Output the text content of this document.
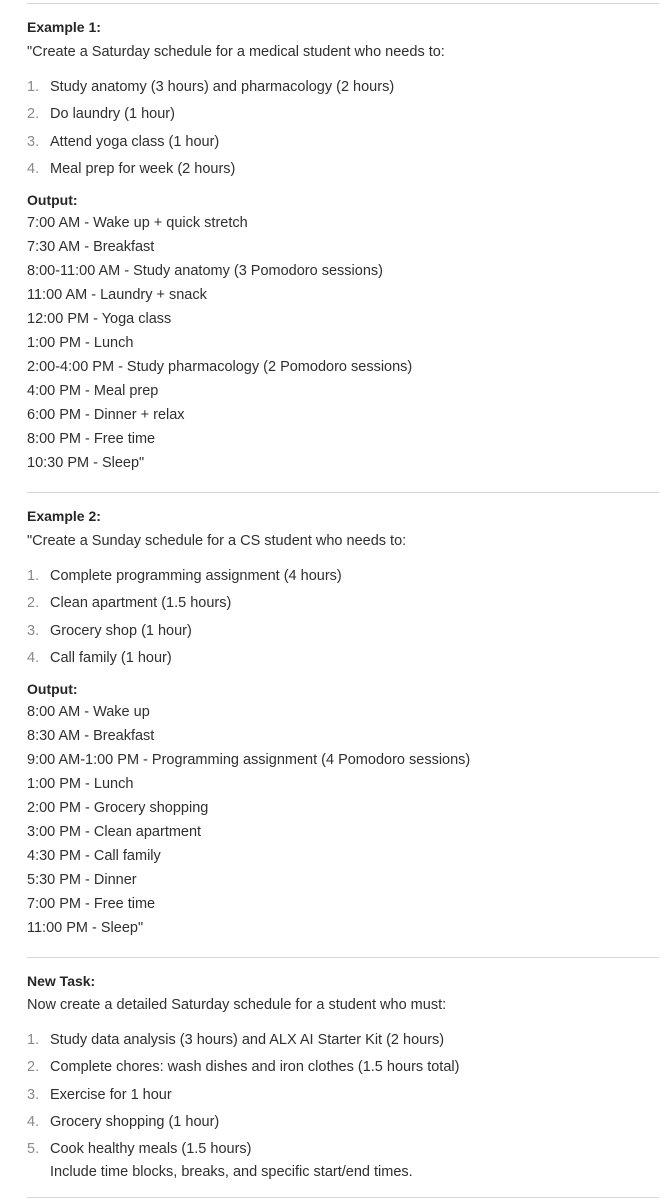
Example 1:

"Create a Saturday schedule for a medical student who needs to:

1. Study anatomy (3 hours) and pharmacology (2 hours)
2. Do laundry (1 hour)
3. Attend yoga class (1 hour)
4. Meal prep for week (2 hours)

Output:

7:00 AM - Wake up + quick stretch
7:30 AM - Breakfast
8:00-11:00 AM - Study anatomy (3 Pomodoro sessions)
11:00 AM - Laundry + snack
12:00 PM - Yoga class
1:00 PM - Lunch
2:00-4:00 PM - Study pharmacology (2 Pomodoro sessions)
4:00 PM - Meal prep
6:00 PM - Dinner + relax
8:00 PM - Free time
10:30 PM - Sleep"

Example 2:

"Create a Sunday schedule for a CS student who needs to:

1. Complete programming assignment (4 hours)
2. Clean apartment (1.5 hours)
3. Grocery shop (1 hour)
4. Call family (1 hour)

Output:

8:00 AM - Wake up
8:30 AM - Breakfast
9:00 AM-1:00 PM - Programming assignment (4 Pomodoro sessions)
1:00 PM - Lunch
2:00 PM - Grocery shopping
3:00 PM - Clean apartment
4:30 PM - Call family
5:30 PM - Dinner
7:00 PM - Free time
11:00 PM - Sleep"

New Task:

Now create a detailed Saturday schedule for a student who must:

1. Study data analysis (3 hours) and ALX AI Starter Kit (2 hours)
2. Complete chores: wash dishes and iron clothes (1.5 hours total)
3. Exercise for 1 hour
4. Grocery shopping (1 hour)
5. Cook healthy meals (1.5 hours)
Include time blocks, breaks, and specific start/end times.
